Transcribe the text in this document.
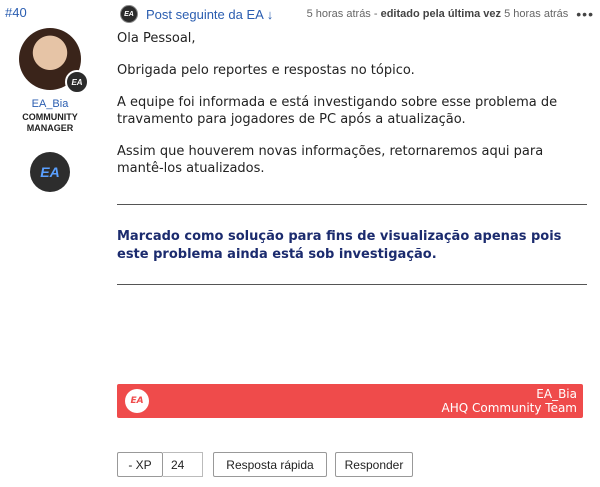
#40	EA Post seguinte da EA ↓	5 horas atrás - editado pela última vez 5 horas atrás •••
EA
EA_Bia
COMMUNITY
MANAGER
EA

Ola Pessoal,

Obrigada pelo reportes e respostas no tópico.

A equipe foi informada e está investigando sobre esse problema de travamento para jogadores de PC após a atualização.

Assim que houverem novas informações, retornaremos aqui para mantê-los atualizados.

Marcado como solução para fins de visualização apenas pois este problema ainda está sob investigação.
EA	EA_Bia
AHQ Community Team
- XP	24	Resposta rápida	Responder
